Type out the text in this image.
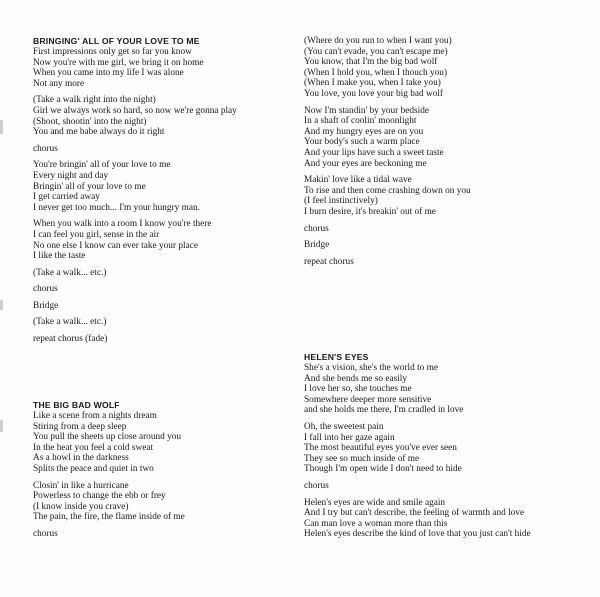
BRINGING' ALL OF YOUR LOVE TO ME
First impressions only get so far you know
Now you're with me girl, we bring it on home
When you came into my life I was alone
Not any more
(Take a walk right into the night)
Girl we always work so hard, so now we're gonna play
(Shoot, shootin' into the night)
You and me babe always do it right
chorus
You're bringin' all of your love to me
Every night and day
Bringin' all of your love to me
I get carried away
I never get too much... I'm your hungry man.
When you walk into a room I know you're there
I can feel you girl, sense in the air
No one else I know can ever take your place
I like the taste
(Take a walk... etc.)
chorus
Bridge
(Take a walk... etc.)
repeat chorus (fade)
THE BIG BAD WOLF
Like a scene from a nights dream
Stiring from a deep sleep
You pull the sheets up close around you
In the heat you feel a cold sweat
As a howl in the darkness
Splits the peace and quiet in two
Closin' in like a hurricane
Powerless to change the ebb or frey
(I know inside you crave)
The pain, the fire, the flame inside of me
chorus
(Where do you run to when I want you)
(You can't evade, you can't escape me)
You know, that I'm the big bad wolf
(When I hold you, when I thouch you)
(When I make you, when I take you)
You love, you love your big bad wolf
Now I'm standin' by your bedside
In a shaft of coolin' moonlight
And my hungry eyes are on you
Your body's such a warm place
And your lips have such a sweet taste
And your eyes are beckoning me
Makin' love like a tidal wave
To rise and then come crashing down on you
(I feel instinctively)
I burn desire, it's breakin' out of me
chorus
Bridge
repeat chorus
HELEN'S EYES
She's a vision, she's the world to me
And she bends me so easily
I love her so, she touches me
Somewhere deeper more sensitive
and she holds me there, I'm cradled in love
Oh, the sweetest pain
I fall into her gaze again
The most beautiful eyes you've ever seen
They see so much inside of me
Though I'm open wide I don't need to hide
chorus
Helen's eyes are wide and smile again
And I try but can't describe, the feeling of warmth and love
Can man love a woman more than this
Helen's eyes describe the kind of love that you just can't hide
